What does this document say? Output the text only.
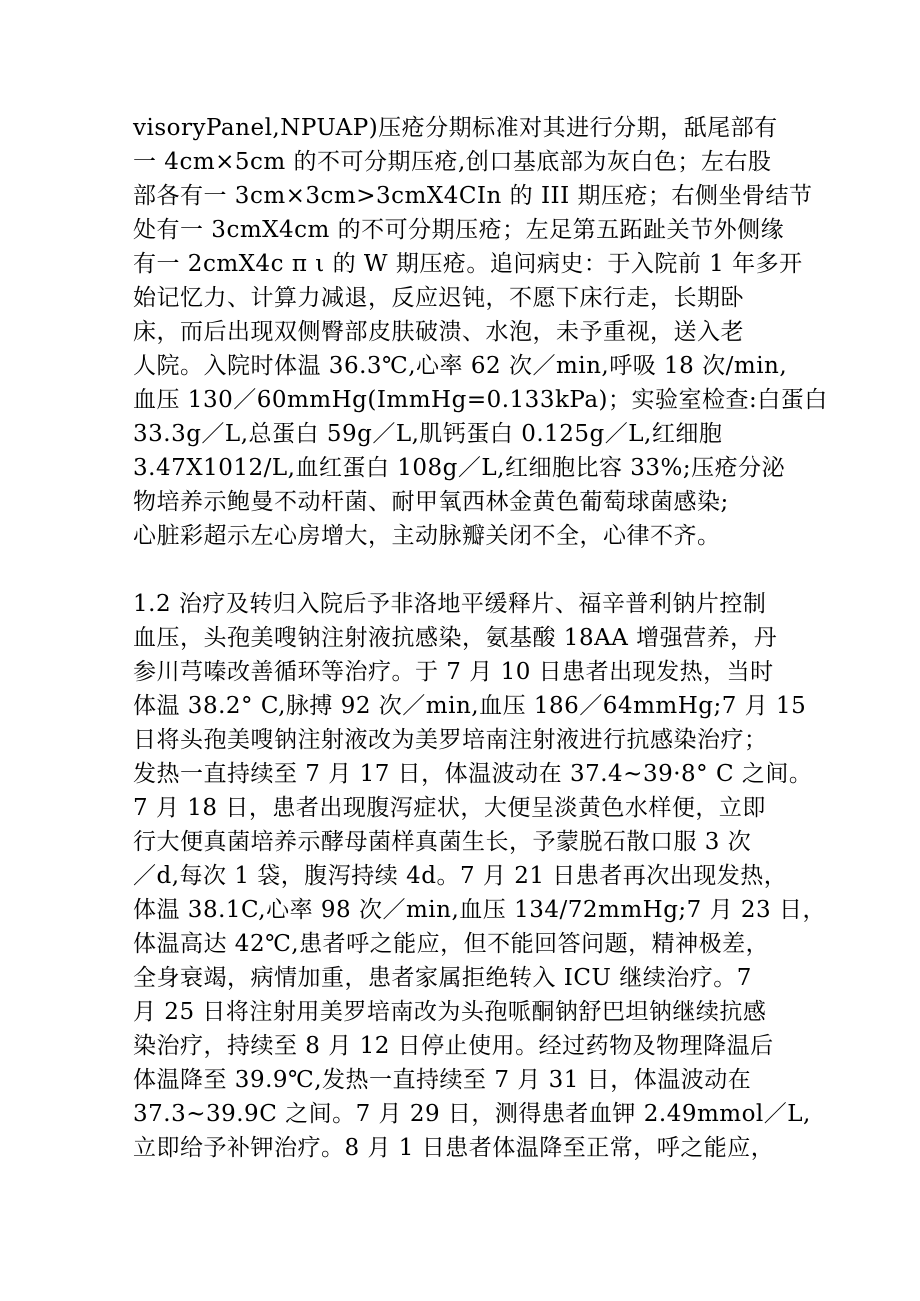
visoryPanel,NPUAP)压疮分期标准对其进行分期，舐尾部有
一 4cm×5cm 的不可分期压疮,创口基底部为灰白色；左右股
部各有一 3cm×3cm>3cmX4CIn 的 III 期压疮；右侧坐骨结节
处有一 3cmX4cm 的不可分期压疮；左足第五跖趾关节外侧缘
有一 2cmX4c π ι 的 W 期压疮。追问病史：于入院前 1 年多开
始记忆力、计算力减退，反应迟钝，不愿下床行走，长期卧
床，而后出现双侧臀部皮肤破溃、水泡，未予重视，送入老
人院。入院时体温 36.3℃,心率 62 次／min,呼吸 18 次/min,
血压 130／60mmHg(ImmHg=0.133kPa)；实验室检查:白蛋白
33.3g／L,总蛋白 59g／L,肌钙蛋白 0.125g／L,红细胞
3.47X1012/L,血红蛋白 108g／L,红细胞比容 33%;压疮分泌
物培养示鲍曼不动杆菌、耐甲氧西林金黄色葡萄球菌感染;
心脏彩超示左心房增大，主动脉瓣关闭不全，心律不齐。
1.2 治疗及转归入院后予非洛地平缓释片、福辛普利钠片控制
血压，头孢美嗖钠注射液抗感染，氨基酸 18AA 增强营养，丹
参川芎嗪改善循环等治疗。于 7 月 10 日患者出现发热，当时
体温 38.2° C,脉搏 92 次／min,血压 186／64mmHg;7 月 15
日将头孢美嗖钠注射液改为美罗培南注射液进行抗感染治疗；
发热一直持续至 7 月 17 日，体温波动在 37.4~39·8° C 之间。
7 月 18 日，患者出现腹泻症状，大便呈淡黄色水样便，立即
行大便真菌培养示酵母菌样真菌生长，予蒙脱石散口服 3 次
／d,每次 1 袋，腹泻持续 4d。7 月 21 日患者再次出现发热，
体温 38.1C,心率 98 次／min,血压 134/72mmHg;7 月 23 日，
体温高达 42℃,患者呼之能应，但不能回答问题，精神极差，
全身衰竭，病情加重，患者家属拒绝转入 ICU 继续治疗。7
月 25 日将注射用美罗培南改为头孢哌酮钠舒巴坦钠继续抗感
染治疗，持续至 8 月 12 日停止使用。经过药物及物理降温后
体温降至 39.9℃,发热一直持续至 7 月 31 日，体温波动在
37.3~39.9C 之间。7 月 29 日，测得患者血钾 2.49mmol／L,
立即给予补钾治疗。8 月 1 日患者体温降至正常，呼之能应，
